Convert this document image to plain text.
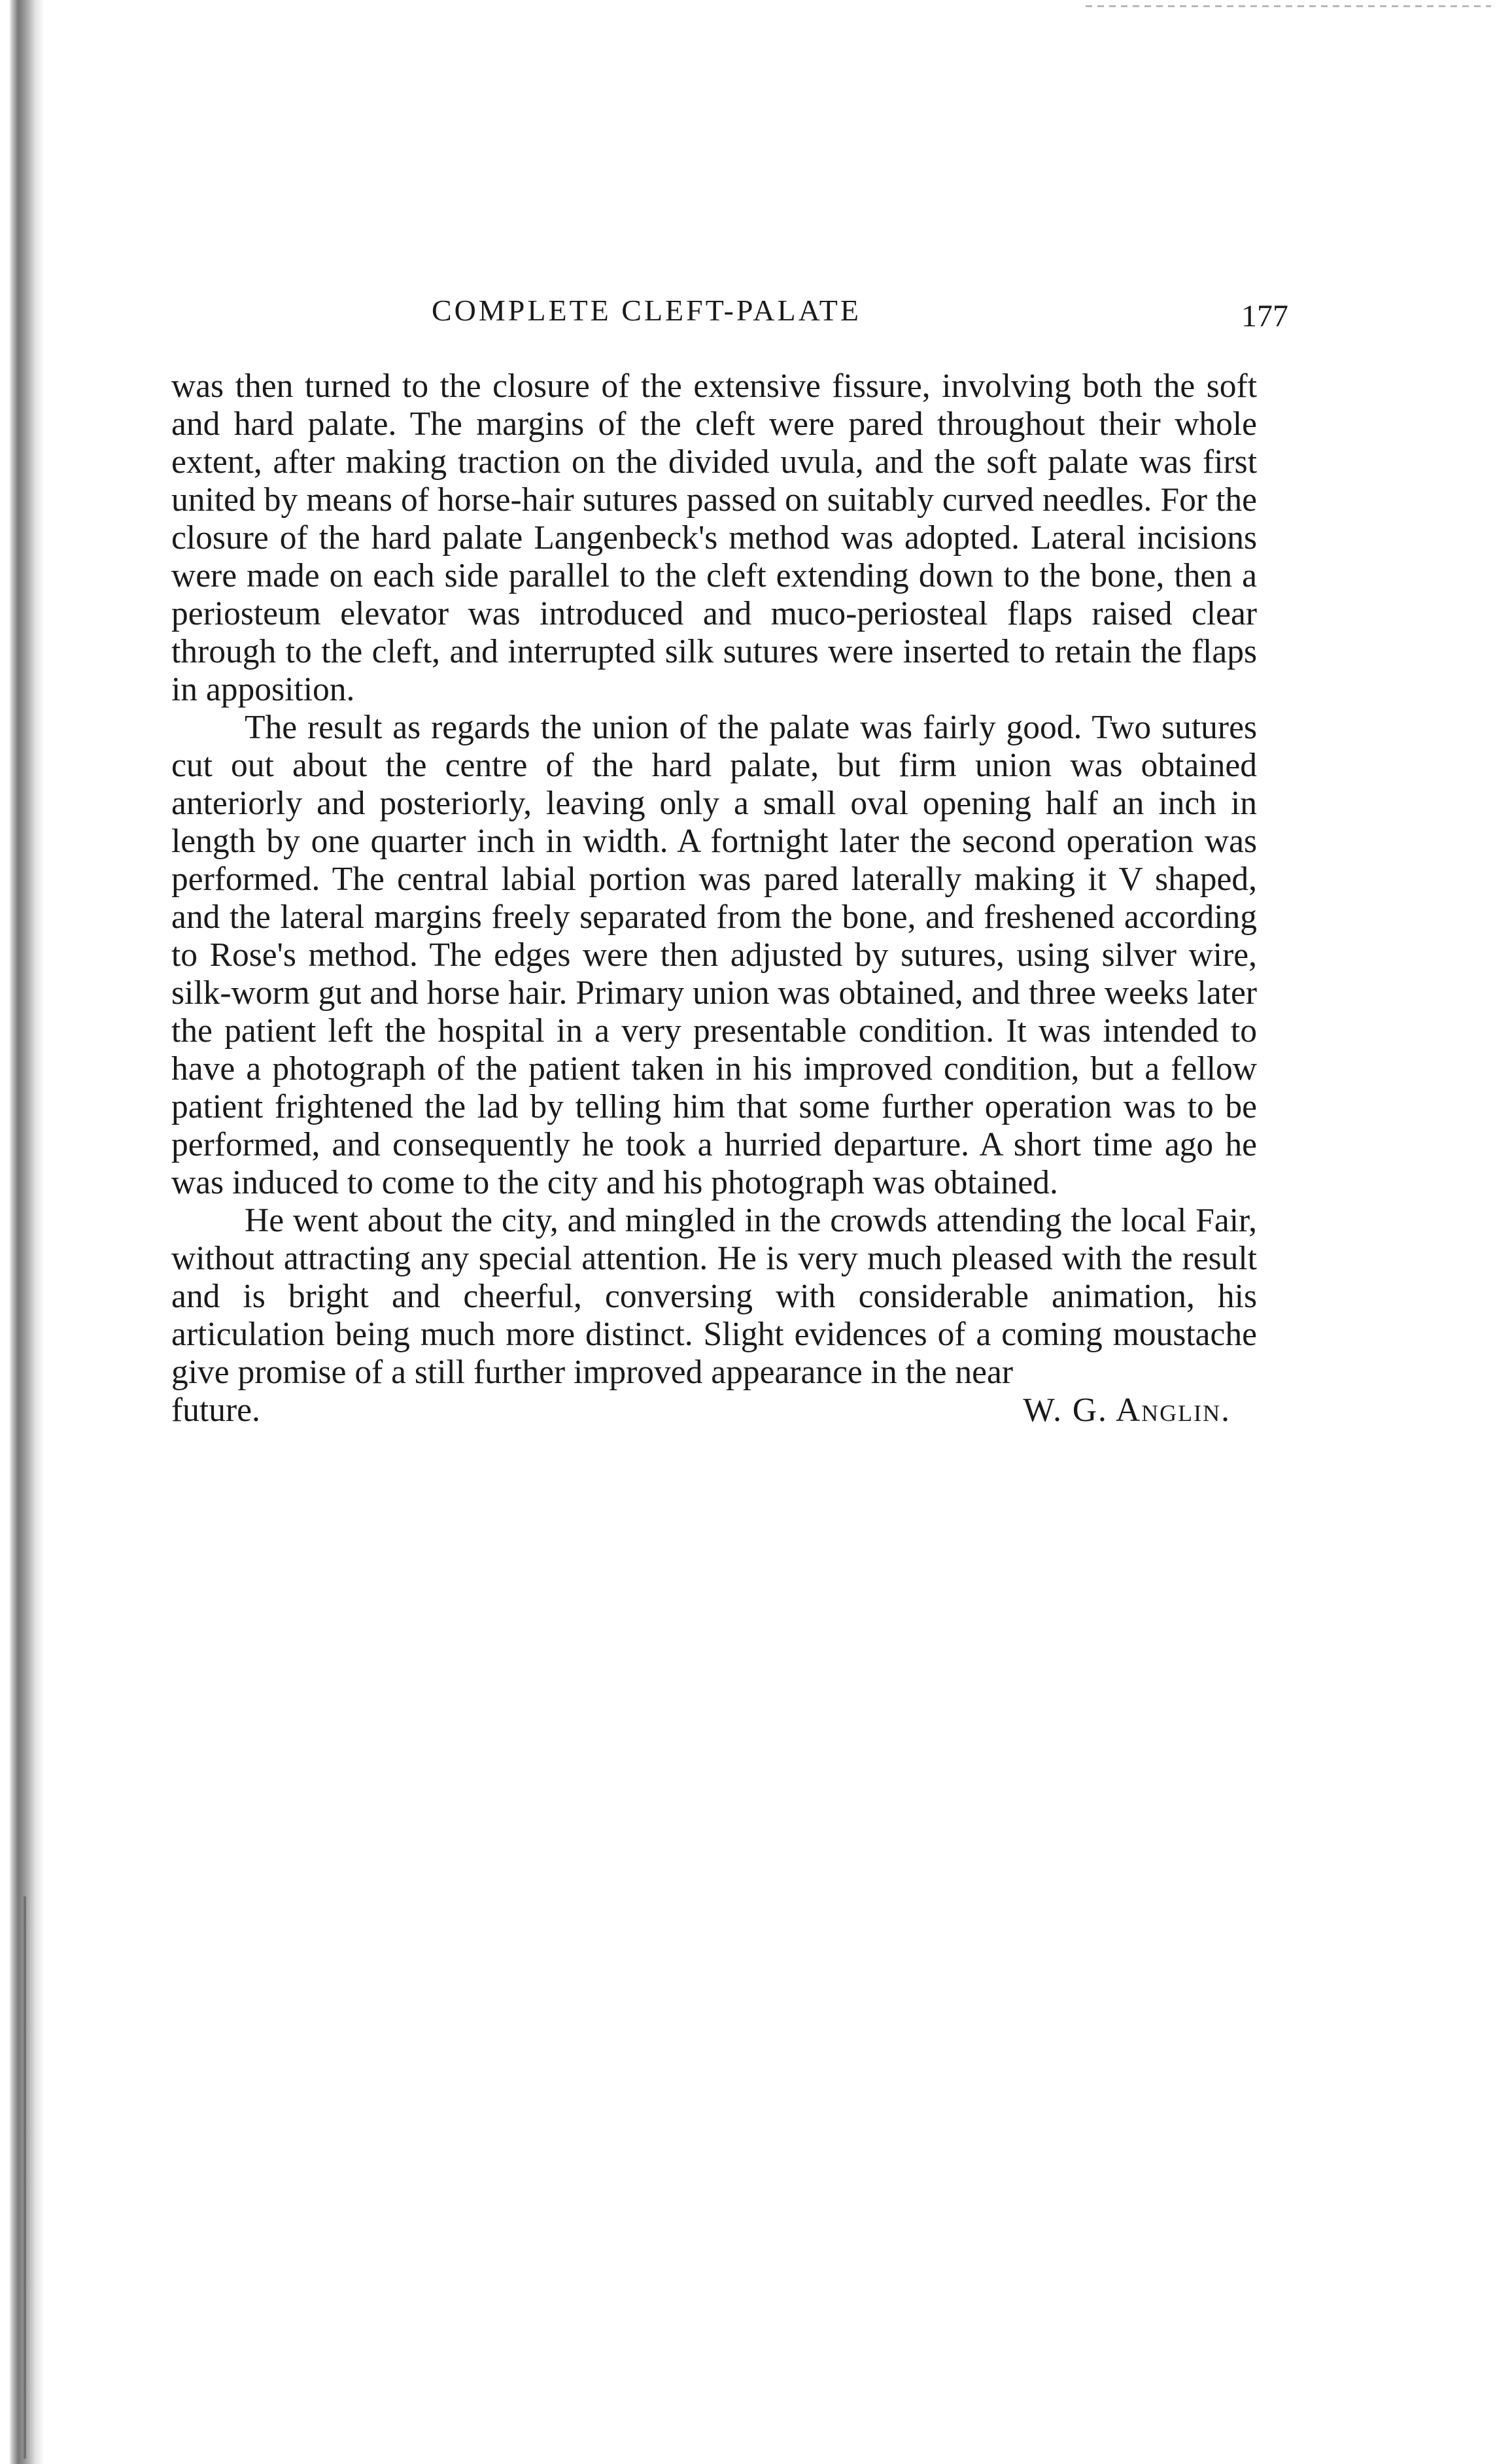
COMPLETE CLEFT-PALATE	177

was then turned to the closure of the extensive fissure, involving both the soft and hard palate. The margins of the cleft were pared throughout their whole extent, after making traction on the divided uvula, and the soft palate was first united by means of horse-hair sutures passed on suitably curved needles. For the closure of the hard palate Langenbeck's method was adopted. Lateral incisions were made on each side parallel to the cleft extending down to the bone, then a periosteum elevator was introduced and muco-periosteal flaps raised clear through to the cleft, and interrupted silk sutures were inserted to retain the flaps in apposition.

The result as regards the union of the palate was fairly good. Two sutures cut out about the centre of the hard palate, but firm union was obtained anteriorly and posteriorly, leaving only a small oval opening half an inch in length by one quarter inch in width. A fortnight later the second operation was performed. The central labial portion was pared laterally making it V shaped, and the lateral margins freely separated from the bone, and freshened according to Rose's method. The edges were then adjusted by sutures, using silver wire, silk-worm gut and horse hair. Primary union was obtained, and three weeks later the patient left the hospital in a very presentable condition. It was intended to have a photograph of the patient taken in his improved condition, but a fellow patient frightened the lad by telling him that some further operation was to be performed, and consequently he took a hurried departure. A short time ago he was induced to come to the city and his photograph was obtained.

He went about the city, and mingled in the crowds attending the local Fair, without attracting any special attention. He is very much pleased with the result and is bright and cheerful, conversing with considerable animation, his articulation being much more distinct. Slight evidences of a coming moustache give promise of a still further improved appearance in the near

future.	W. G. Anglin.
